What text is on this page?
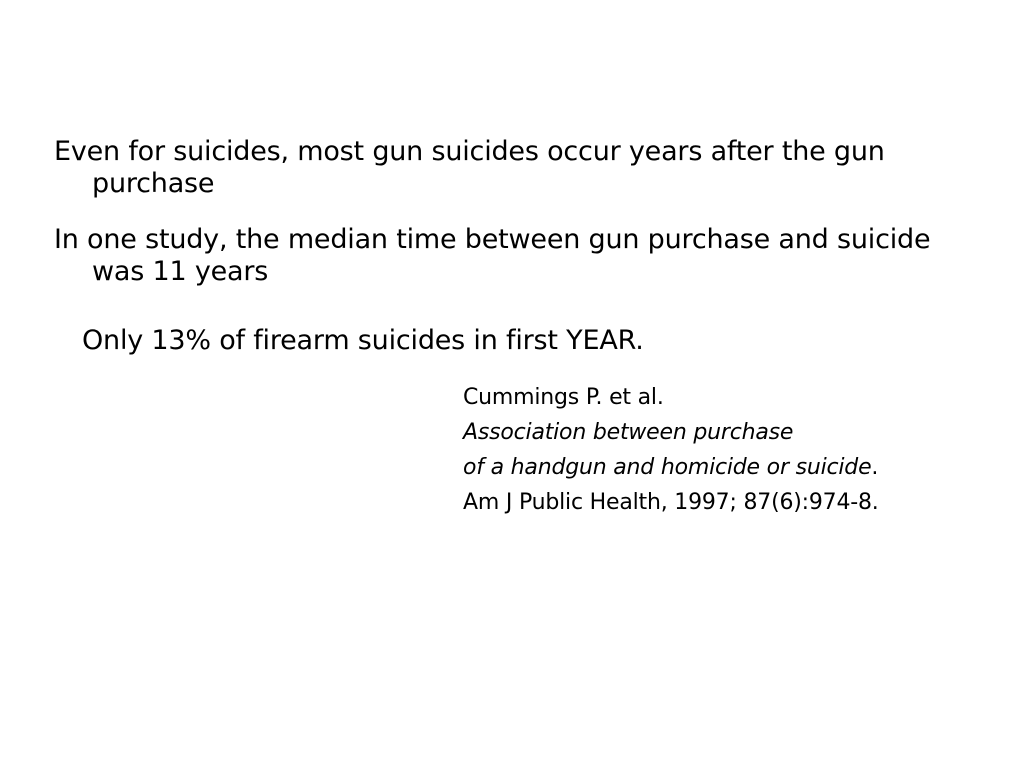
Even for suicides, most gun suicides occur years after the gun purchase
In one study, the median time between gun purchase and suicide was 11 years

Only 13% of firearm suicides in first YEAR.

Cummings P. et al.
Association between purchase
of a handgun and homicide or suicide.
Am J Public Health, 1997; 87(6):974-8.
